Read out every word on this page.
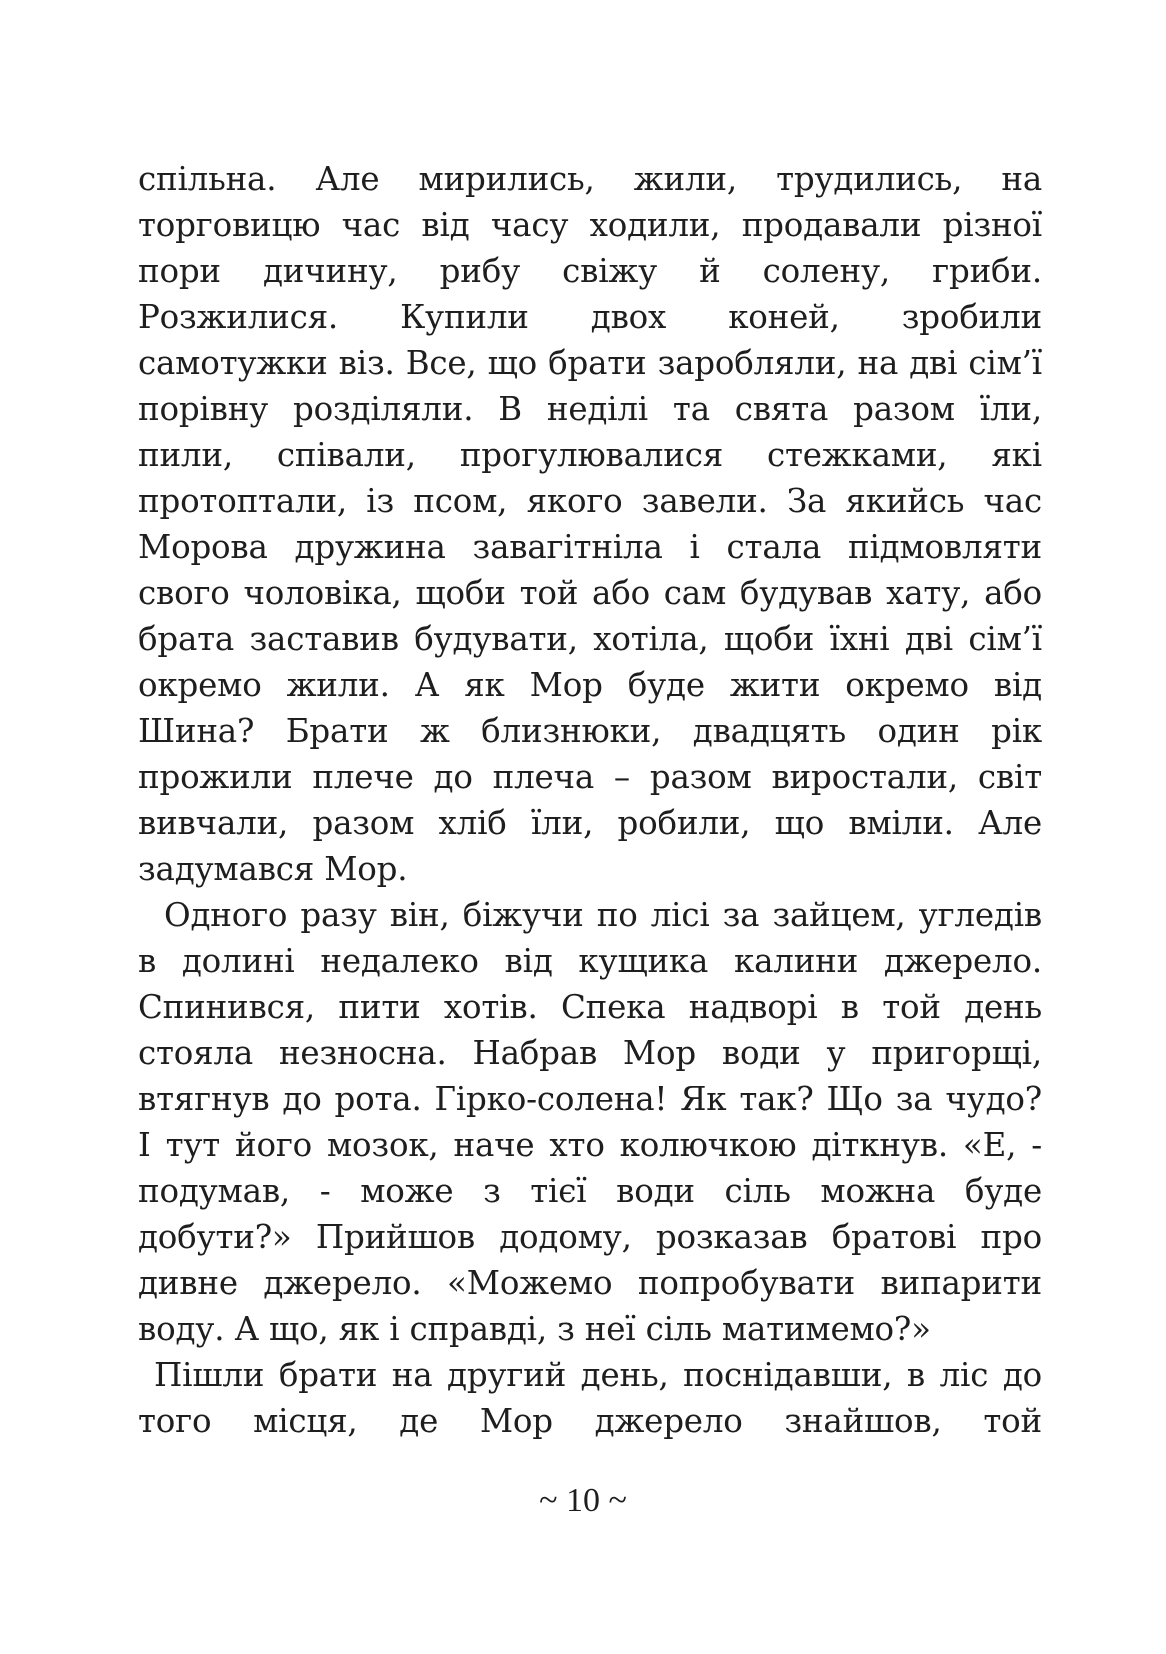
спільна. Але мирились, жили, трудились, на
торговицю час від часу ходили, продавали різної
пори дичину, рибу свіжу й солену, гриби.
Розжилися. Купили двох коней, зробили
самотужки віз. Все, що брати заробляли, на дві сім’ї
порівну розділяли. В неділі та свята разом їли,
пили, співали, прогулювалися стежками, які
протоптали, із псом, якого завели. За якийсь час
Морова дружина завагітніла і стала підмовляти
свого чоловіка, щоби той або сам будував хату, або
брата заставив будувати, хотіла, щоби їхні дві сім’ї
окремо жили. А як Мор буде жити окремо від
Шина? Брати ж близнюки, двадцять один рік
прожили плече до плеча – разом виростали, світ
вивчали, разом хліб їли, робили, що вміли. Але
задумався Мор.
Одного разу він, біжучи по лісі за зайцем, угледів
в долині недалеко від кущика калини джерело.
Спинився, пити хотів. Спека надворі в той день
стояла незносна. Набрав Мор води у пригорщі,
втягнув до рота. Гірко-солена! Як так? Що за чудо?
І тут його мозок, наче хто колючкою діткнув. «Е, -
подумав, - може з тієї води сіль можна буде
добути?» Прийшов додому, розказав братові про
дивне джерело. «Можемо попробувати випарити
воду. А що, як і справді, з неї сіль матимемо?»
Пішли брати на другий день, поснідавши, в ліс до
того місця, де Мор джерело знайшов, той
~ 10 ~
